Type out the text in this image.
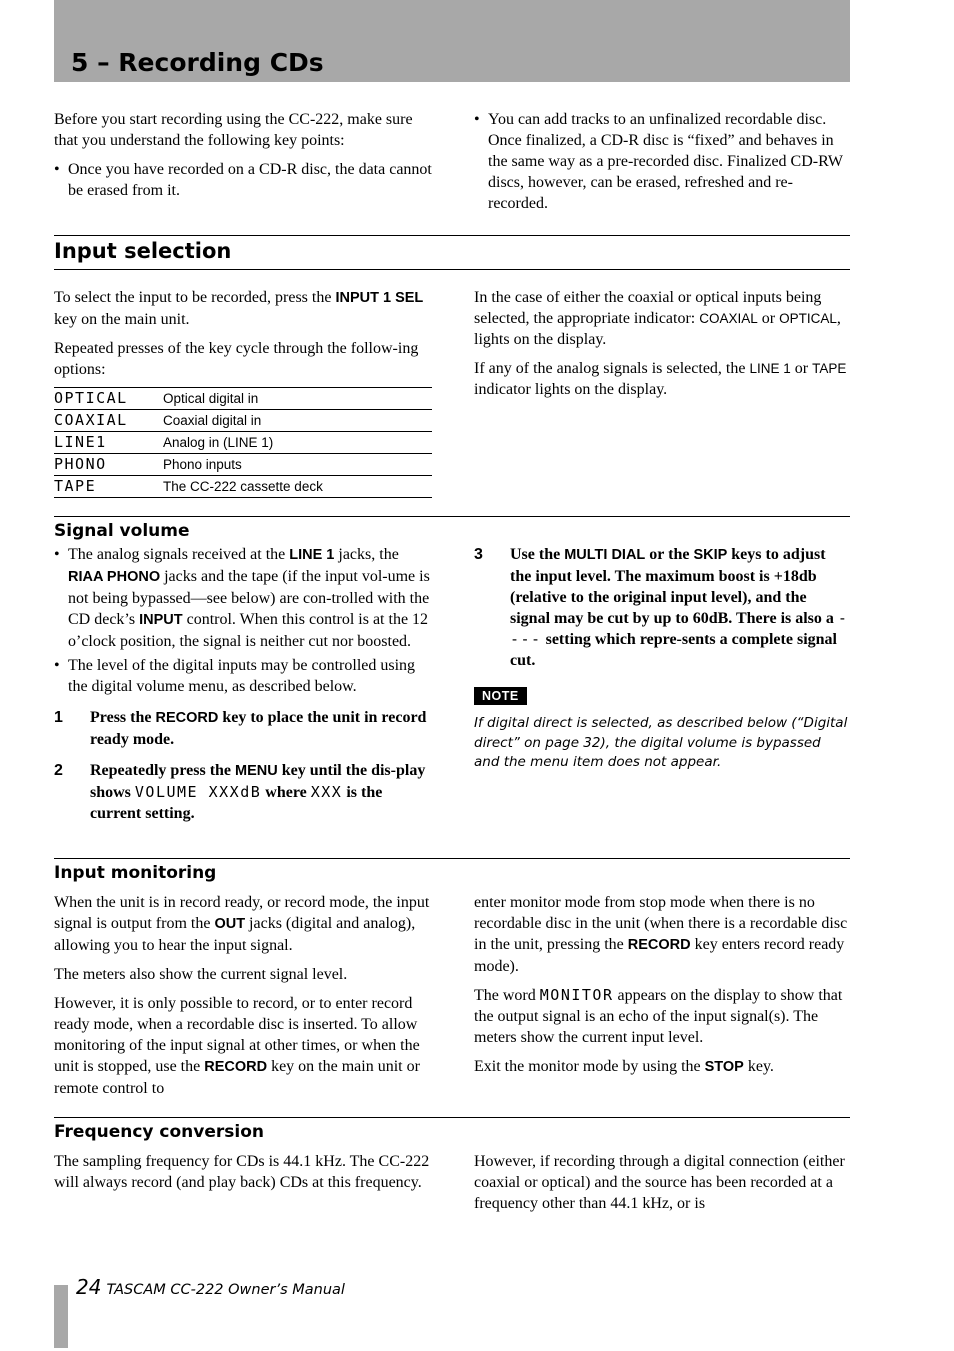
5 – Recording CDs

Before you start recording using the CC-222, make sure that you understand the following key points:

• Once you have recorded on a CD-R disc, the data cannot be erased from it.
• You can add tracks to an unfinalized recordable disc. Once finalized, a CD-R disc is “fixed” and behaves in the same way as a pre-recorded disc. Finalized CD-RW discs, however, can be erased, refreshed and re-recorded.
Input selection

To select the input to be recorded, press the INPUT 1 SEL key on the main unit.

Repeated presses of the key cycle through the follow-ing options:

OPTICAL	Optical digital in
COAXIAL	Coaxial digital in
LINE1	Analog in (LINE 1)
PHONO	Phono inputs
TAPE	The CC-222 cassette deck

In the case of either the coaxial or optical inputs being selected, the appropriate indicator: COAXIAL or OPTICAL, lights on the display.

If any of the analog signals is selected, the LINE 1 or TAPE indicator lights on the display.

Signal volume
• The analog signals received at the LINE 1 jacks, the RIAA PHONO jacks and the tape (if the input vol-ume is not being bypassed—see below) are con-trolled with the CD deck’s INPUT control. When this control is at the 12 o’clock position, the signal is neither cut nor boosted.
• The level of the digital inputs may be controlled using the digital volume menu, as described below.
1 Press the RECORD key to place the unit in record ready mode.
2 Repeatedly press the MENU key until the dis-play shows VOLUME XXXdB where XXX is the current setting.
3 Use the MULTI DIAL or the SKIP keys to adjust the input level. The maximum boost is +18db (relative to the original input level), and the signal may be cut by up to 60dB. There is also a ---- setting which repre-sents a complete signal cut.
NOTE
If digital direct is selected, as described below (“Digital direct” on page 32), the digital volume is bypassed and the menu item does not appear.
Input monitoring

When the unit is in record ready, or record mode, the input signal is output from the OUT jacks (digital and analog), allowing you to hear the input signal.

The meters also show the current signal level.

However, it is only possible to record, or to enter record ready mode, when a recordable disc is inserted. To allow monitoring of the input signal at other times, or when the unit is stopped, use the RECORD key on the main unit or remote control to

enter monitor mode from stop mode when there is no recordable disc in the unit (when there is a recordable disc in the unit, pressing the RECORD key enters record ready mode).

The word MONITOR appears on the display to show that the output signal is an echo of the input signal(s). The meters show the current input level.

Exit the monitor mode by using the STOP key.

Frequency conversion

The sampling frequency for CDs is 44.1 kHz. The CC-222 will always record (and play back) CDs at this frequency.

However, if recording through a digital connection (either coaxial or optical) and the source has been recorded at a frequency other than 44.1 kHz, or is

24 TASCAM CC-222 Owner’s Manual
